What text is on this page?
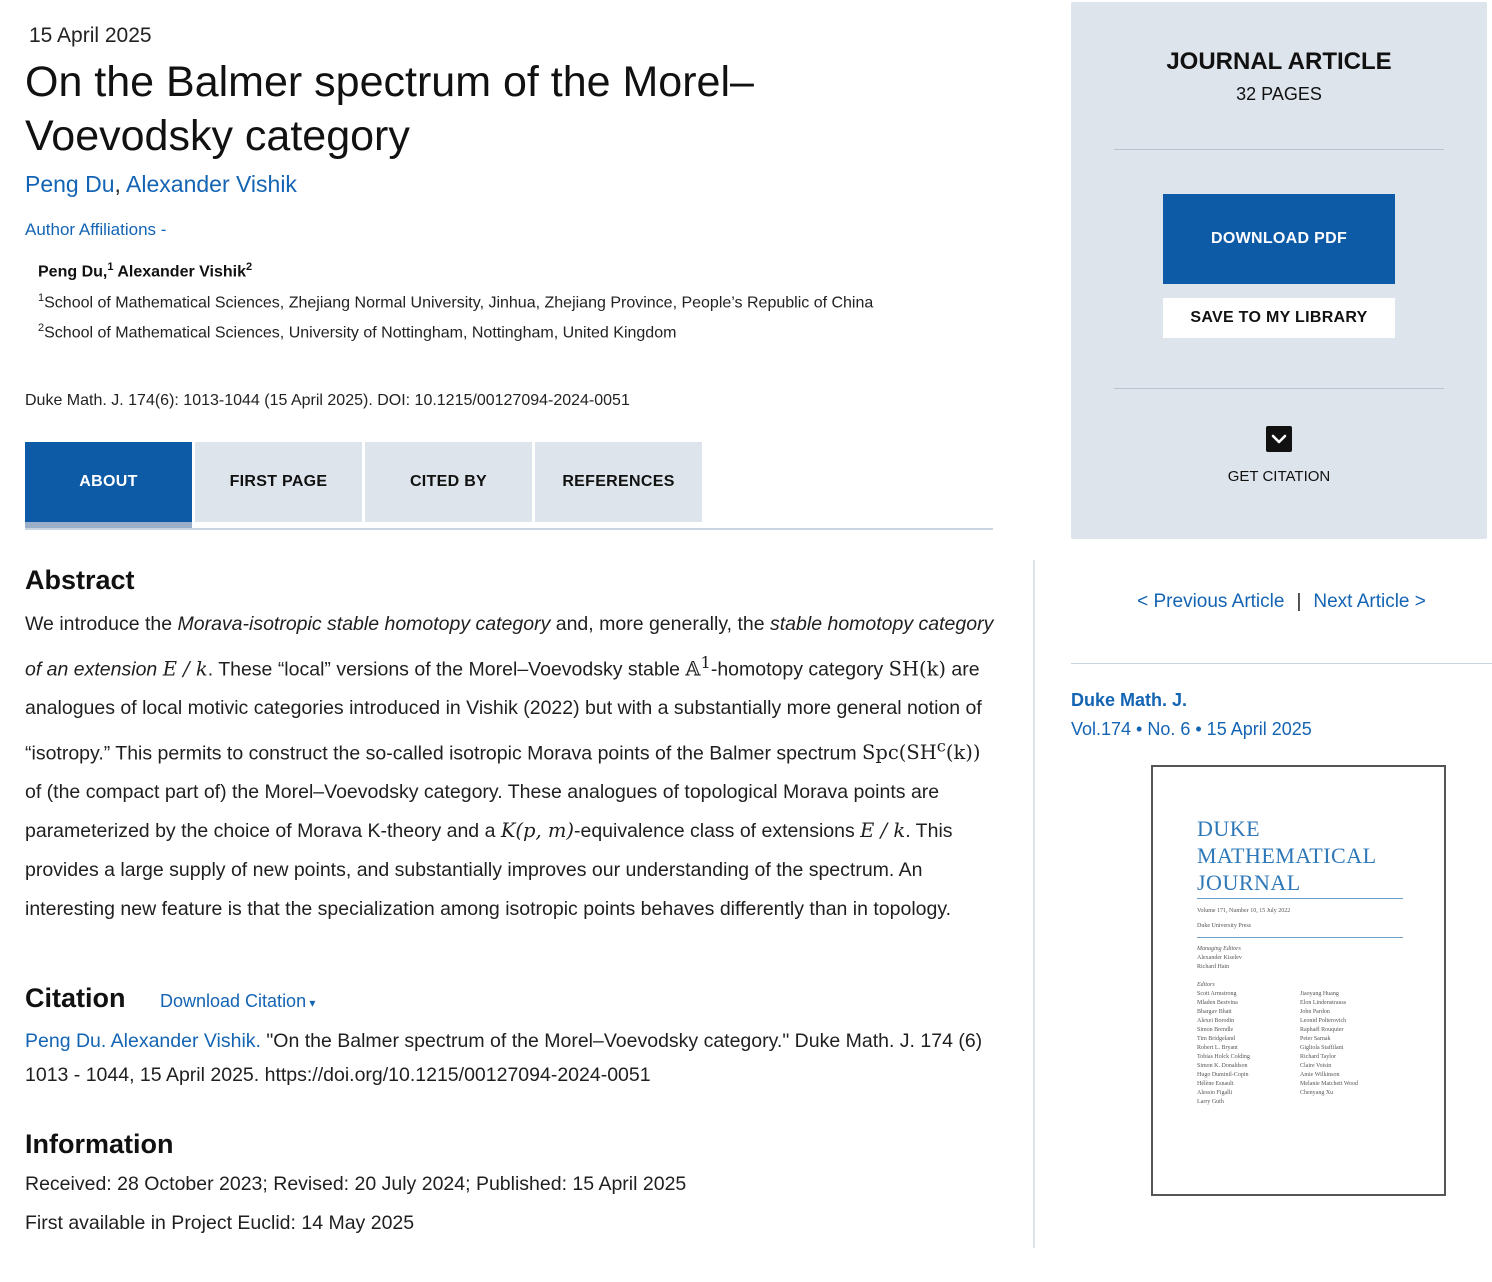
15 April 2025
On the Balmer spectrum of the Morel–Voevodsky category
Peng Du, Alexander Vishik
Author Affiliations -
Peng Du,$^1$ Alexander Vishik$^2$
$^1$School of Mathematical Sciences, Zhejiang Normal University, Jinhua, Zhejiang Province, People’s Republic of China
$^2$School of Mathematical Sciences, University of Nottingham, Nottingham, United Kingdom
Duke Math. J. 174(6): 1013-1044 (15 April 2025). DOI: 10.1215/00127094-2024-0051
ABOUT	FIRST PAGE	CITED BY	REFERENCES
Abstract

We introduce the Morava-isotropic stable homotopy category and, more generally, the stable homotopy category of an extension E / k. These “local” versions of the Morel–Voevodsky stable 𝔸$^1$-homotopy category SH(k) are analogues of local motivic categories introduced in Vishik (2022) but with a substantially more general notion of “isotropy.” This permits to construct the so-called isotropic Morava points of the Balmer spectrum $Spc(SH^c(k))$ of (the compact part of) the Morel–Voevodsky category. These analogues of topological Morava points are parameterized by the choice of Morava K-theory and a K(p, m)-equivalence class of extensions E / k. This provides a large supply of new points, and substantially improves our understanding of the spectrum. An interesting new feature is that the specialization among isotropic points behaves differently than in topology.

Citation Download Citation ▾
Peng Du. Alexander Vishik. "On the Balmer spectrum of the Morel–Voevodsky category." Duke Math. J. 174 (6) 1013 - 1044, 15 April 2025. https://doi.org/10.1215/00127094-2024-0051
Information
Received: 28 October 2023; Revised: 20 July 2024; Published: 15 April 2025
First available in Project Euclid: 14 May 2025
JOURNAL ARTICLE
32 PAGES
DOWNLOAD PDF
SAVE TO MY LIBRARY
GET CITATION
< Previous Article | Next Article >
Duke Math. J.
Vol.174 • No. 6 • 15 April 2025
DUKE
MATHEMATICAL
JOURNAL
Volume 171, Number 10, 15 July 2022
Duke University Press
Managing Editors
Alexander Kiselev
Richard Hain
Editors
Scott Armstrong
Mladen Bestvina
Bhargav Bhatt
Alexei Borodin
Simon Brendle
Tim Bridgeland
Robert L. Bryant
Tobias Holck Colding
Simon K. Donaldson
Hugo Duminil-Copin
Hélène Esnault
Alessio Figalli
Larry Guth
Jiaoyang Huang
Elon Lindenstrauss
John Pardon
Leonid Polterovich
Raphaël Rouquier
Peter Sarnak
Gigliola Staffilani
Richard Taylor
Claire Voisin
Amie Wilkinson
Melanie Matchett Wood
Chenyang Xu
